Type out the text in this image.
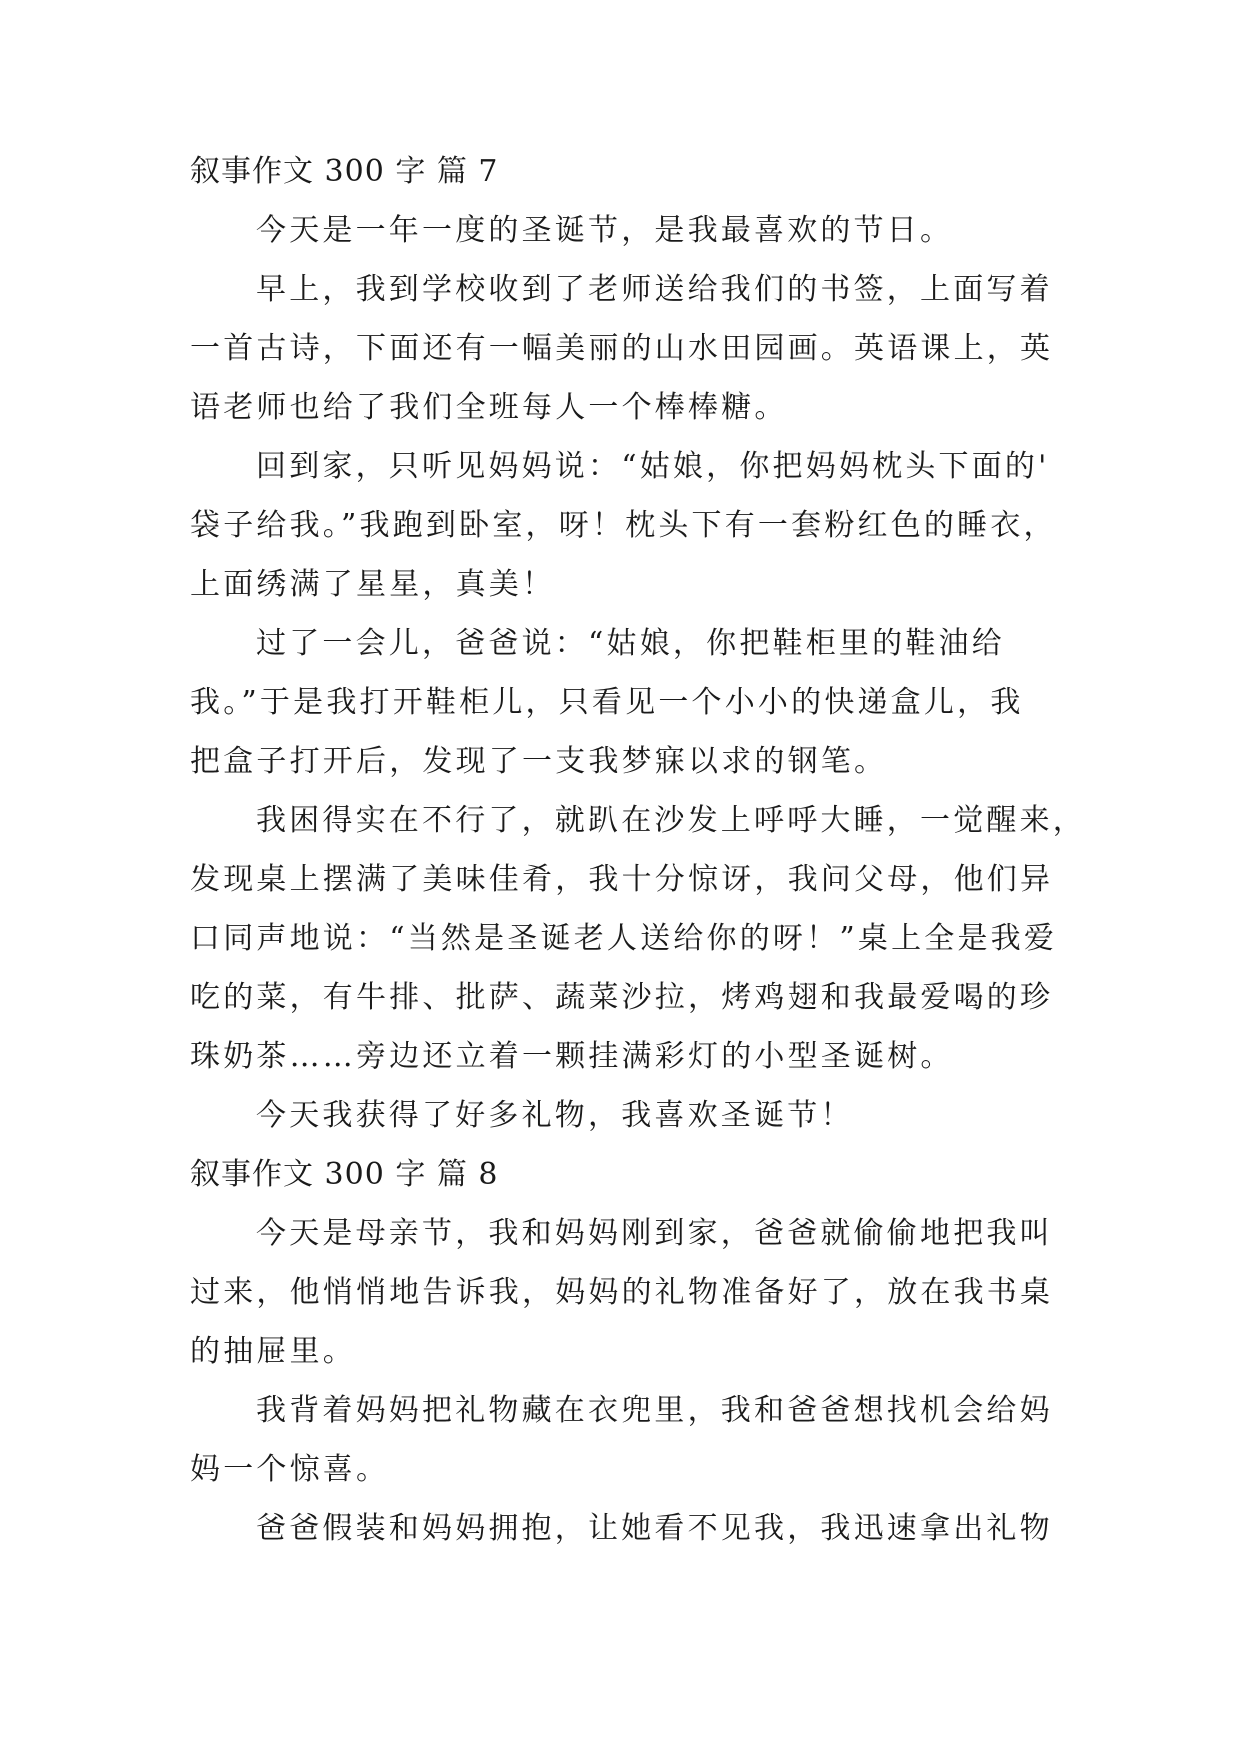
叙事作文 300 字 篇 7
今天是一年一度的圣诞节，是我最喜欢的节日。
早上，我到学校收到了老师送给我们的书签，上面写着
一首古诗，下面还有一幅美丽的山水田园画。英语课上，英
语老师也给了我们全班每人一个棒棒糖。
回到家，只听见妈妈说：“姑娘，你把妈妈枕头下面的'
袋子给我。”我跑到卧室，呀！枕头下有一套粉红色的睡衣，
上面绣满了星星，真美！
过了一会儿，爸爸说：“姑娘，你把鞋柜里的鞋油给
我。”于是我打开鞋柜儿，只看见一个小小的快递盒儿，我
把盒子打开后，发现了一支我梦寐以求的钢笔。
我困得实在不行了，就趴在沙发上呼呼大睡，一觉醒来，
发现桌上摆满了美味佳肴，我十分惊讶，我问父母，他们异
口同声地说：“当然是圣诞老人送给你的呀！”桌上全是我爱
吃的菜，有牛排、批萨、蔬菜沙拉，烤鸡翅和我最爱喝的珍
珠奶茶……旁边还立着一颗挂满彩灯的小型圣诞树。
今天我获得了好多礼物，我喜欢圣诞节！
叙事作文 300 字 篇 8
今天是母亲节，我和妈妈刚到家，爸爸就偷偷地把我叫
过来，他悄悄地告诉我，妈妈的礼物准备好了，放在我书桌
的抽屉里。
我背着妈妈把礼物藏在衣兜里，我和爸爸想找机会给妈
妈一个惊喜。
爸爸假装和妈妈拥抱，让她看不见我，我迅速拿出礼物
